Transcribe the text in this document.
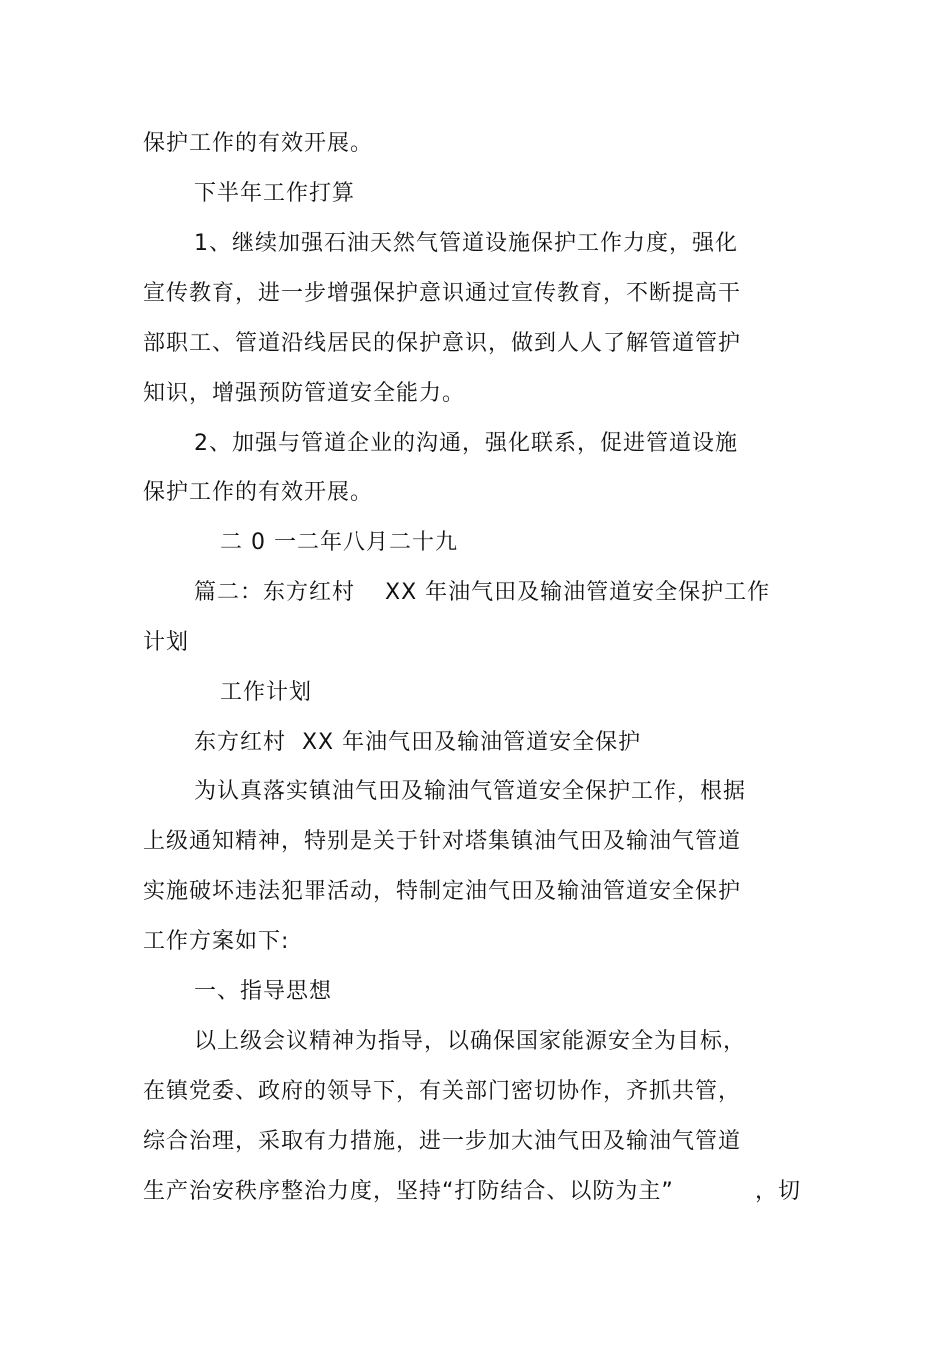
保护工作的有效开展。
下半年工作打算
1、继续加强石油天然气管道设施保护工作力度，强化
宣传教育，进一步增强保护意识通过宣传教育，不断提高干
部职工、管道沿线居民的保护意识，做到人人了解管道管护
知识，增强预防管道安全能力。
2、加强与管道企业的沟通，强化联系，促进管道设施
保护工作的有效开展。
二 0 一二年八月二十九
篇二：东方红村 XX 年油气田及输油管道安全保护工作
计划
工作计划
东方红村  XX 年油气田及输油管道安全保护
为认真落实镇油气田及输油气管道安全保护工作，根据
上级通知精神，特别是关于针对塔集镇油气田及输油气管道
实施破坏违法犯罪活动，特制定油气田及输油管道安全保护
工作方案如下:
一、指导思想
以上级会议精神为指导，以确保国家能源安全为目标，
在镇党委、政府的领导下，有关部门密切协作，齐抓共管，
综合治理，采取有力措施，进一步加大油气田及输油气管道
生产治安秩序整治力度，坚持“打防结合、以防为主”	，切
